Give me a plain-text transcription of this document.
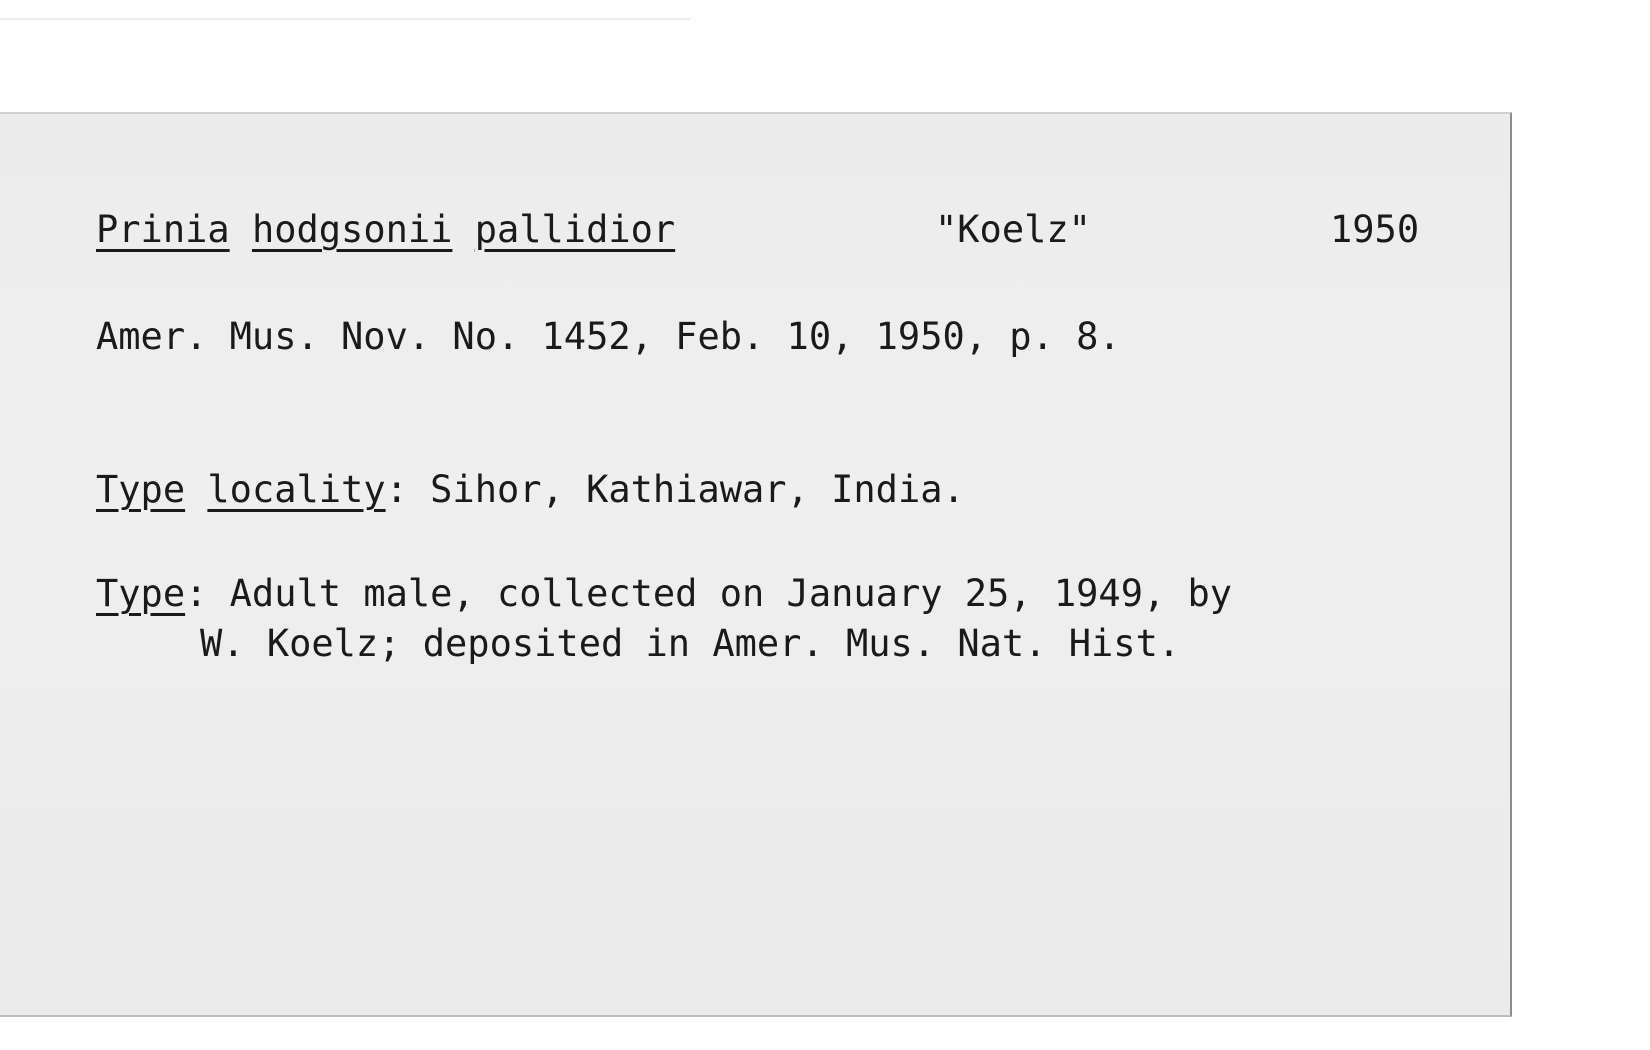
Prinia hodgsonii pallidior	"Koelz"	1950
Amer. Mus. Nov. No. 1452, Feb. 10, 1950, p. 8.
Type locality: Sihor, Kathiawar, India.
Type: Adult male, collected on January 25, 1949, by
W. Koelz; deposited in Amer. Mus. Nat. Hist.
